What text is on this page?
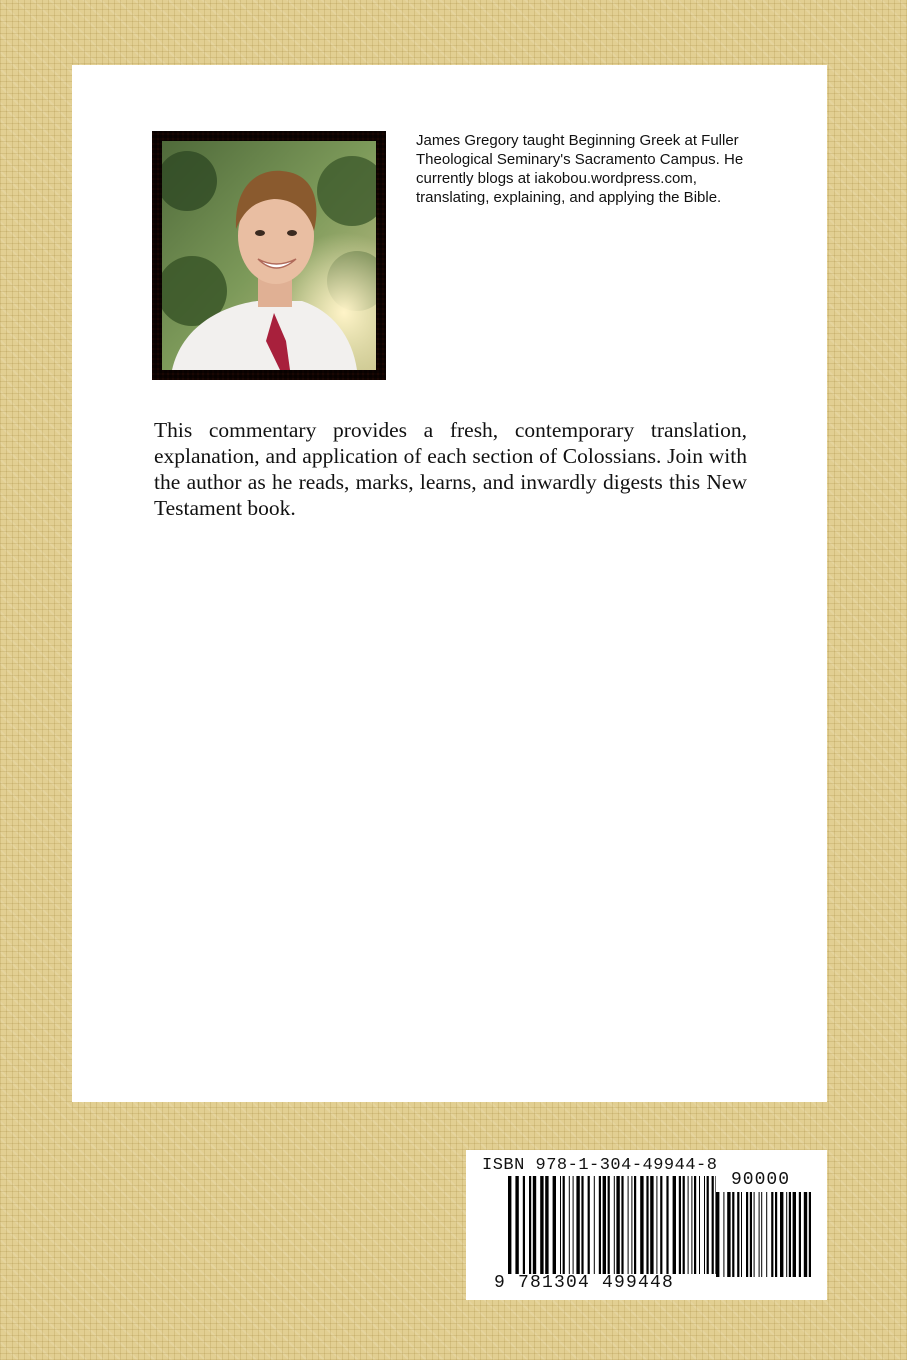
James Gregory taught Beginning Greek at Fuller Theological Seminary's Sacramento Campus. He currently blogs at iakobou.wordpress.com, translating, explaining, and applying the Bible.

This commentary provides a fresh, contemporary translation, explanation, and application of each section of Colossians. Join with the author as he reads, marks, learns, and inwardly digests this New Testament book.

ISBN 978-1-304-49944-8
90000
9 781304 499448
